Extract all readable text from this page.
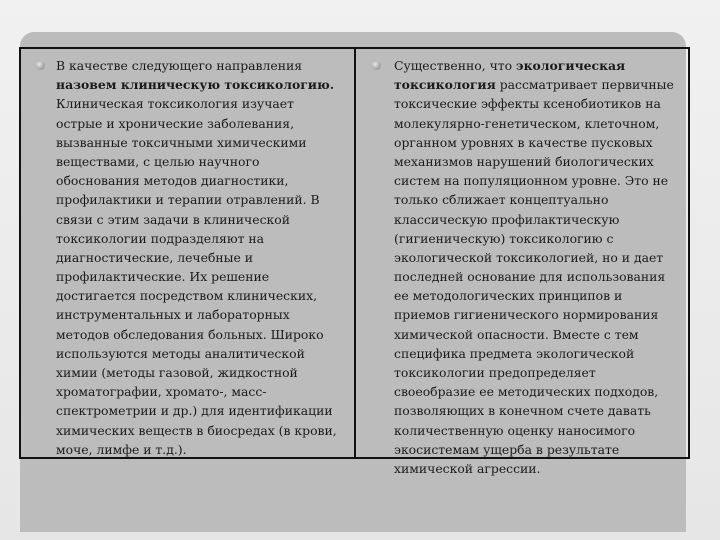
В качестве следующего направления
назовем клиническую токсикологию.
Клиническая токсикология изучает
острые и хронические заболевания,
вызванные токсичными химическими
веществами, с целью научного
обоснования методов диагностики,
профилактики и терапии отравлений. В
связи с этим задачи в клинической
токсикологии подразделяют на
диагностические, лечебные и
профилактические. Их решение
достигается посредством клинических,
инструментальных и лабораторных
методов обследования больных. Широко
используются методы аналитической
химии (методы газовой, жидкостной
хроматографии, хромато-, масс-
спектрометрии и др.) для идентификации
химических веществ в биосредах (в крови,
моче, лимфе и т.д.).
Существенно, что экологическая
токсикология рассматривает первичные
токсические эффекты ксенобиотиков на
молекулярно-генетическом, клеточном,
органном уровнях в качестве пусковых
механизмов нарушений биологических
систем на популяционном уровне. Это не
только сближает концептуально
классическую профилактическую
(гигиеническую) токсикологию с
экологической токсикологией, но и дает
последней основание для использования
ее методологических принципов и
приемов гигиенического нормирования
химической опасности. Вместе с тем
специфика предмета экологической
токсикологии предопределяет
своеобразие ее методических подходов,
позволяющих в конечном счете давать
количественную оценку наносимого
экосистемам ущерба в результате
химической агрессии.
